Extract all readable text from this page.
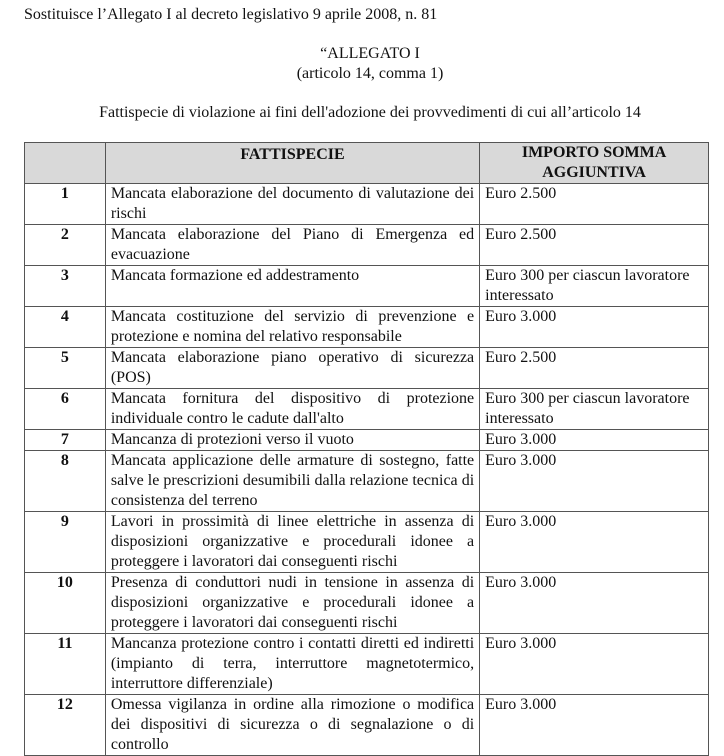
Sostituisce l’Allegato I al decreto legislativo 9 aprile 2008, n. 81
“ALLEGATO I
(articolo 14, comma 1)
Fattispecie di violazione ai fini dell'adozione dei provvedimenti di cui all’articolo 14
	FATTISPECIE	IMPORTO SOMMA AGGIUNTIVA
1	Mancata elaborazione del documento di valutazione dei rischi	Euro 2.500
2	Mancata elaborazione del Piano di Emergenza ed evacuazione	Euro 2.500
3	Mancata formazione ed addestramento	Euro 300 per ciascun lavoratore interessato
4	Mancata costituzione del servizio di prevenzione e protezione e nomina del relativo responsabile	Euro 3.000
5	Mancata elaborazione piano operativo di sicurezza (POS)	Euro 2.500
6	Mancata fornitura del dispositivo di protezione individuale contro le cadute dall'alto	Euro 300 per ciascun lavoratore interessato
7	Mancanza di protezioni verso il vuoto	Euro 3.000
8	Mancata applicazione delle armature di sostegno, fatte salve le prescrizioni desumibili dalla relazione tecnica di consistenza del terreno	Euro 3.000
9	Lavori in prossimità di linee elettriche in assenza di disposizioni organizzative e procedurali idonee a proteggere i lavoratori dai conseguenti rischi	Euro 3.000
10	Presenza di conduttori nudi in tensione in assenza di disposizioni organizzative e procedurali idonee a proteggere i lavoratori dai conseguenti rischi	Euro 3.000
11	Mancanza protezione contro i contatti diretti ed indiretti (impianto di terra, interruttore magnetotermico, interruttore differenziale)	Euro 3.000
12	Omessa vigilanza in ordine alla rimozione o modifica dei dispositivi di sicurezza o di segnalazione o di controllo	Euro 3.000
